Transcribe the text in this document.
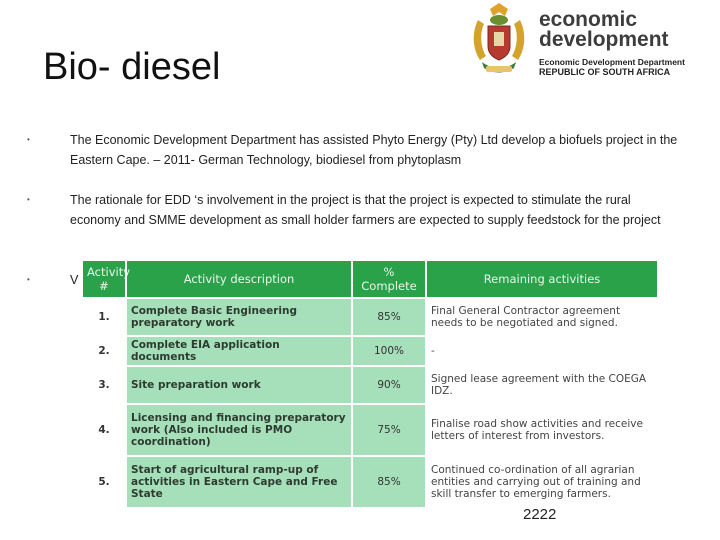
Bio- diesel
economic
development
Economic Development Department
REPUBLIC OF SOUTH AFRICA
•	The Economic Development Department has assisted Phyto Energy (Pty) Ltd develop a biofuels project in the Eastern Cape. – 2011- German Technology, biodiesel from phytoplasm
•	The rationale for EDD ‘s involvement in the project is that the project is expected to stimulate the rural economy and SMME development as small holder farmers are expected to supply feedstock for the project
•	V
Activity #	Activity description	% Complete	Remaining activities
1.	Complete Basic Engineering preparatory work	85%	Final General Contractor agreement needs to be negotiated and signed.
2.	Complete EIA application documents	100%	-
3.	Site preparation work	90%	Signed lease agreement with the COEGA IDZ.
4.	Licensing and financing preparatory work (Also included is PMO coordination)	75%	Finalise road show activities and receive letters of interest from investors.
5.	Start of agricultural ramp-up of activities in Eastern Cape and Free State	85%	Continued co-ordination of all agrarian entities and carrying out of training and skill transfer to emerging farmers.
2222
